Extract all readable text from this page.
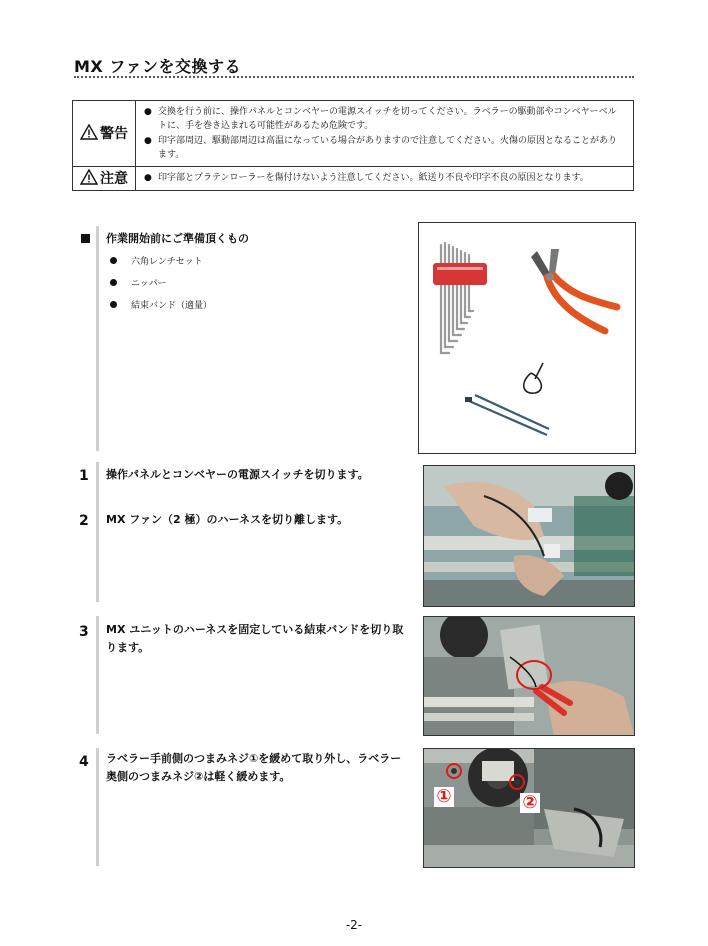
MX ファンを交換する
警告	● 交換を行う前に、操作パネルとコンベヤーの電源スイッチを切ってください。ラベラーの駆動部やコンベヤーベルトに、手を巻き込まれる可能性があるため危険です。
● 印字部周辺、駆動部周辺は高温になっている場合がありますので注意してください。火傷の原因となることがあります。

注意	● 印字部とプラテンローラーを傷付けないよう注意してください。紙送り不良や印字不良の原因となります。
作業開始前にご準備頂くもの
六角レンチセット
ニッパー
結束バンド（適量）
1 操作パネルとコンベヤーの電源スイッチを切ります。
2 MX ファン（2 極）のハーネスを切り離します。
3 MX ユニットのハーネスを固定している結束バンドを切り取ります。
4 ラベラー手前側のつまみネジ①を緩めて取り外し、ラベラー奥側のつまみネジ②は軽く緩めます。
①	②
-2-
